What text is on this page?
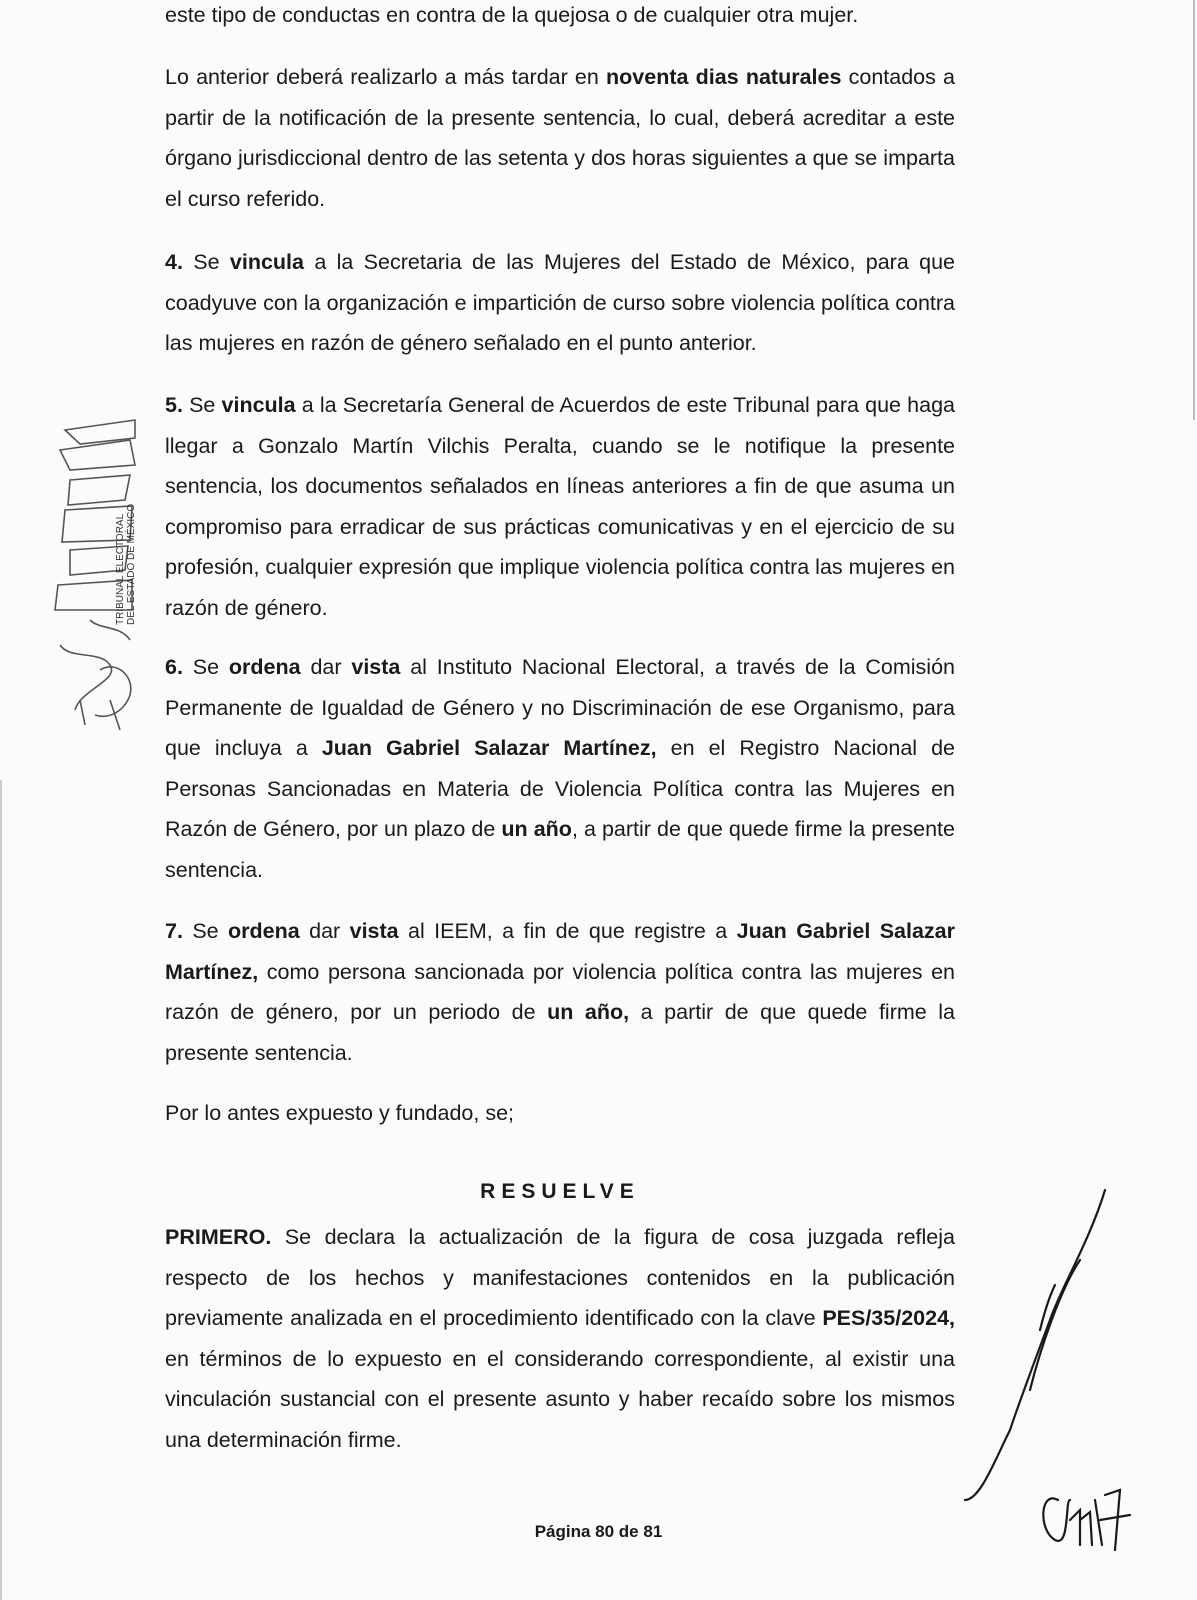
este tipo de conductas en contra de la quejosa o de cualquier otra mujer.

Lo anterior deberá realizarlo a más tardar en noventa dias naturales contados a partir de la notificación de la presente sentencia, lo cual, deberá acreditar a este órgano jurisdiccional dentro de las setenta y dos horas siguientes a que se imparta el curso referido.

4. Se vincula a la Secretaria de las Mujeres del Estado de México, para que coadyuve con la organización e impartición de curso sobre violencia política contra las mujeres en razón de género señalado en el punto anterior.

5. Se vincula a la Secretaría General de Acuerdos de este Tribunal para que haga llegar a Gonzalo Martín Vilchis Peralta, cuando se le notifique la presente sentencia, los documentos señalados en líneas anteriores a fin de que asuma un compromiso para erradicar de sus prácticas comunicativas y en el ejercicio de su profesión, cualquier expresión que implique violencia política contra las mujeres en razón de género.

6. Se ordena dar vista al Instituto Nacional Electoral, a través de la Comisión Permanente de Igualdad de Género y no Discriminación de ese Organismo, para que incluya a Juan Gabriel Salazar Martínez, en el Registro Nacional de Personas Sancionadas en Materia de Violencia Política contra las Mujeres en Razón de Género, por un plazo de un año, a partir de que quede firme la presente sentencia.

7. Se ordena dar vista al IEEM, a fin de que registre a Juan Gabriel Salazar Martínez, como persona sancionada por violencia política contra las mujeres en razón de género, por un periodo de un año, a partir de que quede firme la presente sentencia.

Por lo antes expuesto y fundado, se;

RESUELVE

PRIMERO. Se declara la actualización de la figura de cosa juzgada refleja respecto de los hechos y manifestaciones contenidos en la publicación previamente analizada en el procedimiento identificado con la clave PES/35/2024, en términos de lo expuesto en el considerando correspondiente, al existir una vinculación sustancial con el presente asunto y haber recaído sobre los mismos una determinación firme.

Página 80 de 81
TRIBUNAL ELECTORAL DEL ESTADO DE MÉXICO
